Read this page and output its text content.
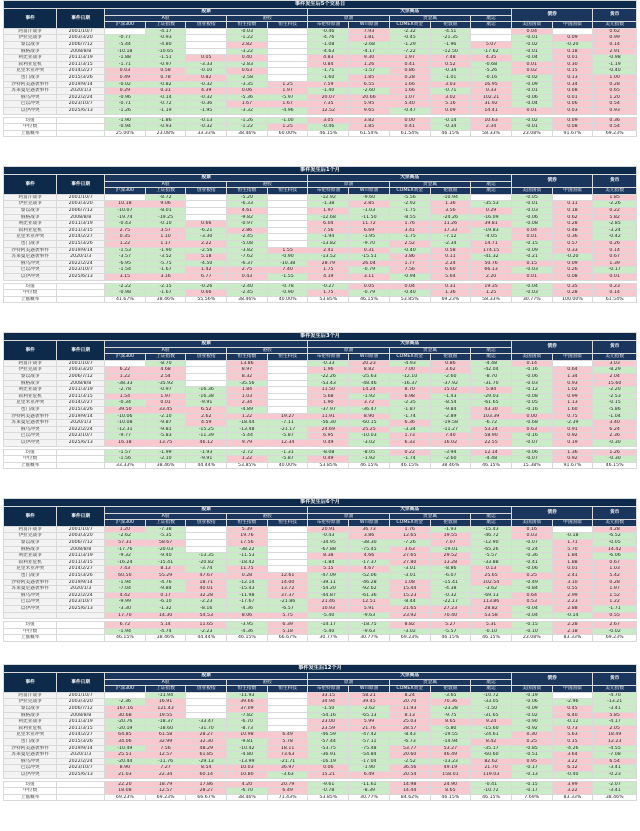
事件发生后5个交易日														
事件	事件日期	股票					大宗商品					债券		货币
		A股			港股		原油		贵金属		航运			
		沪深300	上证指数	创业板指	恒生指数	恒生科技	布伦特原油	WTI原油	COMEX黄金	伦敦银	航运	美国国债	中国国债	美元指数
阿富汗战争	2001/10/7		-4.17		-0.03		-0.46	7.93	-2.32	-4.51		0.04		0.62
伊拉克战争	2003/3/20	-0.77	-0.93		-1.22		-4.76	1.81	-0.45	-21.35		-0.01	0.09	0.99
黎以战争	2006/7/12	-5.44	-4.80		2.82		-1.08	-2.68	-1.29	-1.96	5.07	-0.02	-0.20	0.14
俄格战争	2008/8/8	-10.18	-10.65		-3.22		-4.63	-4.17	-7.22	-12.50	-17.62	-0.01	0.18	2.91
利比亚战争	2011/3/19	-1.88	-1.51	0.05	0.40		4.83	9.30	1.97	7.48	4.35	-0.04	0.01	-0.98
叙利亚危机	2011/3/15	-1.71	-0.97	-3.33	-2.83		0.84	1.26	0.41	0.52	-0.68	0.01	0.30	-1.19
克里米亚冲突	2014/2/27	0.03	0.58	-0.10	0.63		-1.71	-1.57	0.86	-0.34	-5.26	0.02	0.15	-0.40
也门战争	2015/3/26	0.49	0.78	0.82	-2.58		-1.60	1.85	0.28	-1.01	-0.16	-0.02	0.13	1.00
沙特阿美遇袭事件	2019/9/14	-0.02	-0.82	-0.32	-3.35	1.25	7.59	6.55	1.66	3.03	16.95	-0.09	0.34	0.28
苏莱曼尼遇袭事件	2020/1/3	0.29	0.31	4.39	0.06	1.97	-1.40	-2.60	1.66	-0.71	0.33	-0.01	0.08	0.65
俄乌冲突	2022/2/24	-0.96	-0.14	-0.32	-5.36	-5.97	20.07	20.66	1.07	3.02	102.21	-0.06	0.01	1.20
巴以冲突	2023/10/7	-0.71	-0.72	-0.36	1.67	1.67	7.35	5.95	5.40	5.16	31.92	-0.04	0.06	0.54
以伊冲突	2025/6/13	-1.26	-1.19	-1.95	-3.32	-4.96	12.52	9.65	-0.47	0.09	14.41	0.01	0.03	0.93

均值		-1.90	-1.86	-0.13	-1.26	-1.00	3.05	3.82	0.00	-0.14	10.63	-0.02	0.09	0.36
中位数		-0.94	-0.93	-0.32	-1.22	1.25	-0.46	1.85	0.41	-0.34	2.34	-0.01	0.08	0.54
上涨概率		25.00%	23.08%	33.33%	38.46%	60.00%	46.15%	61.54%	61.54%	46.15%	58.33%	23.08%	91.67%	69.23%
事件发生后1个月														
事件	事件日期	股票					大宗商品					债券		货币
		A股			港股		原油		贵金属		航运			
		沪深300	上证指数	创业板指	恒生指数	恒生科技	布伦特原油	WTI原油	COMEX黄金	伦敦银	航运	美国国债	中国国债	美元指数
阿富汗战争	2001/10/7		-8.72		-5.20		-12.92	-9.60	-5.56	-10.94		-0.05		1.85
伊拉克战争	2003/3/20	10.18	9.06		-6.33		-1.38	2.85	-2.92	1.36	-35.53	-0.01	0.11	-2.26
黎以战争	2006/7/12	-10.07	-8.01		4.61		1.97	-1.03	-1.75	3.56	0.29	-0.03	0.18	0.22
俄格战争	2008/8/8	-19.74	-19.25		-9.82		-12.68	-11.50	-8.55	-24.26	-16.09	-0.06	0.62	5.82
利比亚战争	2011/3/19	-0.43	-0.10	0.66	-0.97		6.04	11.72	1.76	11.26	39.81	-0.08	0.28	-2.85
叙利亚危机	2011/3/15	2.75	3.57	-6.21	2.86		7.56	6.69	3.41	17.33	-19.83	0.04	0.48	-3.24
克里米亚冲突	2014/2/27	0.35	1.10	-3.30	-2.45		-1.94	-1.95	-1.75	-7.12	-4.05	0.01	0.36	-0.42
也门战争	2015/3/26	1.22	1.17	2.22	-5.08		-13.82	-9.70	2.52	-2.34	14.71	-0.15	0.57	0.26
沙特阿美遇袭事件	2019/9/14	-1.53	-1.90	-2.56	-3.82	1.55	2.41	0.31	-0.40	0.58	174.15	-0.09	0.33	0.14
苏莱曼尼遇袭事件	2020/1/3	-3.57	-3.52	5.18	-7.62	-0.90	-13.52	-15.51	3.86	0.11	-41.32	-0.21	-0.20	0.67
俄乌冲突	2022/2/24	-6.95	-5.75	-4.50	-6.37	-10.38	28.79	26.04	1.77	2.24	50.76	0.15	0.09	1.39
巴以冲突	2023/10/7	-1.54	-1.67	1.42	2.75	7.40	1.75	-0.79	7.56	6.60	66.13	-0.03	0.26	-0.17
以伊冲突	2025/6/13	3.15	3.16	6.77	0.43	-1.55	4.19	3.11	-0.94	5.64	2.20	0.01	0.08	0.01

均值		-2.22	-2.15	-0.26	-2.40	-0.78	-0.27	0.05	0.04	0.31	19.35	-0.04	0.35	0.23
中位数		-0.98	-1.67	0.66	-2.45	-0.90	1.75	-0.79	-0.40	1.36	1.25	-0.03	0.28	0.14
上涨概率		41.67%	38.46%	55.56%	38.46%	40.00%	53.85%	46.15%	53.85%	69.23%	58.33%	30.77%	100.00%	61.54%
事件发生后3个月														
事件	事件日期	股票					大宗商品					债券		货币
		A股			港股		原油		贵金属		航运			
		沪深300	上证指数	创业板指	恒生指数	恒生科技	布伦特原油	WTI原油	COMEX黄金	伦敦银	航运	美国国债	中国国债	美元指数
阿富汗战争	2001/10/7		-8.70		13.86		-0.33	20.23	-4.93	0.86	-4.48	0.14		3.03
伊拉克战争	2003/3/20	6.22	4.68		8.97		1.96	8.82	7.00	3.62	-42.04	-0.16	0.64	-8.29
黎以战争	2006/7/12	1.22	2.54		8.32		-22.26	-25.63	-12.10	-2.60	-8.70	-0.06	1.34	2.04
俄格战争	2008/8/8	-38.33	-35.92		-35.56		-53.43	-48.46	-16.37	-37.92	-31.70	-0.03	0.93	15.60
利比亚战争	2011/3/19	-2.78	-0.97	-16.36	1.84		11.50	14.24	8.70	15.02	5.84	-0.12	1.02	-2.20
叙利亚危机	2011/3/15	1.54	1.97	-16.38	1.03		5.68	-1.92	6.98	-1.43	-29.03	-0.08	0.99	-2.53
克里米亚冲突	2014/2/27	-0.34	0.01	-9.91	2.34		1.90	3.72	-2.35	-8.54	-61.65	-0.05	1.13	-0.15
也门战争	2015/3/26	39.50	33.45	6.52	-4.89		-37.97	-36.47	-1.87	-9.84	43.30	-0.16	1.60	-5.86
沙特阿美遇袭事件	2019/9/14	-10.06	-2.10	2.62	1.22	19.27	11.91	8.90	-1.74	-2.89	103.39	0.00	0.75	-1.04
苏莱曼尼遇袭事件	2020/1/3	-10.08	-9.87	4.59	-18.44	-7.11	-56.30	-60.15	6.36	-19.58	-6.72	-0.68	-2.39	3.40
俄乌冲突	2022/2/24	-12.31	-9.81	-15.25	-13.48	-21.17	24.69	25.25	-3.34	-11.27	53.24	0.63	0.91	6.24
巴以冲突	2023/10/7	-9.77	-5.83	-11.39	-5.44	-5.87	6.95	-10.03	1.73	7.40	58.90	-0.16	0.92	2.36
以伊冲突	2025/6/13	16.18	13.75	46.12	9.79	12.34	0.49	-3.02	6.33	16.02	22.55	-0.07	0.19	-0.30

均值		-1.57	-1.99	-1.93	-2.72	-1.31	-8.08	-8.05	0.22	-3.94	12.14	-0.06	1.36	1.26
中位数		-1.56	-2.10	-9.91	1.22	-5.87	0.49	-1.92	-1.74	-2.60	-4.48	-0.07	0.92	-0.30
上涨概率		33.33%	38.46%	44.44%	53.85%	40.00%	53.85%	46.15%	46.15%	38.46%	46.15%	15.38%	91.67%	46.15%
事件发生后6个月														
事件	事件日期	股票					大宗商品					债券		货币
		A股			港股		原油		贵金属		航运			
		沪深300	上证指数	创业板指	恒生指数	恒生科技	布伦特原油	WTI原油	COMEX黄金	伦敦银	航运	美国国债	中国国债	美元指数
阿富汗战争	2001/10/7	1.20	-7.38		5.39		20.91	36.73	1.76	-1.93	-15.43	0.16		4.28
伊拉克战争	2003/3/20	-2.62	-5.35		19.76		-0.43	3.86	12.65	19.55	-46.72	0.03	-0.18	-6.52
黎以战争	2006/7/12	57.31	58.67		17.56		-34.95	-38.30	-7.26	7.07	-12.90	-0.07	1.71	-0.05
俄格战争	2008/8/8	-17.76	-20.03		-38.22		-67.88	-75.45	3.63	-19.01	-65.26	-0.24	5.70	14.42
利比亚战争	2011/3/19	-9.32	-9.40	-13.35	-11.53		8.38	4.66	27.65	29.52	-5.57	-0.36	1.84	-6.06
叙利亚危机	2011/3/15	-16.24	-15.41	-20.82	-18.42		-1.84	-17.37	27.80	13.28	-33.88	-0.41	1.88	0.67
克里米亚冲突	2014/2/27	7.43	8.13	-3.74	11.75		5.15	4.67	-3.01	-8.86	0.13	-0.06	0.01	1.03
也门战争	2015/3/26	60.50	55.29	47.67	0.28	12.61	-47.09	-52.06	-3.01	-6.07	25.65	0.25	2.41	5.42
沙特阿美遇袭事件	2019/9/14	-1.94	-4.76	18.71	-12.14	14.00	-39.11	-46.28	1.08	-15.41	102.54	-0.49	3.10	0.28
苏莱曼尼遇袭事件	2020/1/3	-7.04	-9.84	40.01	-15.43	13.72	-54.20	-92.62	15.44	-4.38	-3.62	-0.84	0.55	1.97
俄乌冲突	2022/2/24	4.42	0.17	32.28	-11.98	37.37	-44.87	-61.36	15.23	-0.32	-69.13	0.64	2.99	1.52
巴以冲突	2023/10/7	-9.99	-6.10	-2.23	-17.67	-21.86	21.46	12.51	-8.44	-22.17	113.86	0.53	2.23	1.22
以伊冲突	2025/6/13	-3.30	-1.32	-8.16	-4.36	-6.57	10.93	5.91	21.65	27.23	28.82	-0.04	2.88	-1.71
		17.70	14.30	54.53	8.06	5.75	-5.40	-9.63	23.92	70.40	53.58	-0.04	-0.14	0.55

均值		6.72	5.14	11.65	-3.95	6.39	-14.17	-18.75	8.82	5.27	5.31	-0.15	2.28	2.67
中位数		-1.94	-4.74	-2.23	-4.36	5.18	-5.40	-9.63	-3.02	-5.57	-0.10	-0.10	2.18	-0.02
上涨概率		46.15%	38.46%	44.44%	46.15%	66.67%	30.77%	30.77%	69.23%	46.15%	46.15%	23.08%	83.33%	69.23%
事件发生后12个月														
事件	事件日期	股票					大宗商品					债券		货币
		A股			港股		原油		贵金属		航运			
		沪深300	上证指数	创业板指	恒生指数	恒生科技	布伦特原油	WTI原油	COMEX黄金	伦敦银	航运	美国国债	中国国债	美元指数
阿富汗战争	2001/10/7		-11.94		-11.93		33.15	58.21	8.24	-3.65	-10.72	-0.19		-4.70
伊拉克战争	2003/3/20	-2.36	16.91		39.66		34.94	39.45	20.70	70.36	-33.05	-0.06	-2.96	-13.21
黎以战争	2006/7/12	167.16	121.43		37.09		-1.50	-2.62	11.93	-23.28	-1.50	-0.09	0.45	-3.41
俄格战争	2008/8/8	30.68	19.55		-7.82		-54.16	-65.13	8.13	-9.75	-31.65	-0.02	6.40	5.85
利比亚战争	2011/3/19	-20.76	-18.37	-33.47	-6.70		23.00	5.99	25.03	8.65	9.24	-0.90	-0.12	-4.17
叙利亚危机	2011/3/15	-20.19	-18.60	-31.70	-8.73		23.59	21.76	28.57	-5.80	-15.60	-0.92	0.73	2.05
克里米亚冲突	2014/2/27	64.85	61.58	28.27	10.98	6.49	-46.59	-47.42	-8.43	-19.55	-24.61	0.30	5.63	18.49
也门战争	2015/3/26	34.06	32.99	32.30	-9.81	5.78	-57.44	-57.11	-6.73	-14.94	8.42	0.25	0.15	12.23
沙特阿美遇袭事件	2019/9/14	-10.49	7.56	48.29	-10.42	18.11	-53.75	-75.48	53.77	53.27	-35.17	-0.85	-4.26	-4.55
苏莱曼尼遇袭事件	2020/1/3	25.51	12.57	61.85	-4.80	73.63	-36.91	-54.84	20.60	46.49	-60.60	-0.51	3.64	-7.08
俄乌冲突	2022/2/24	-20.44	-11.76	-29.13	-13.99	-21.71	-16.19	-17.04	-2.52	-13.23	82.62	0.95	3.22	6.54
巴以冲突	2023/10/7	8.90	7.27	8.54	10.03	36.97	0.06	-1.90	36.56	49.19	21.70	-0.17	6.12	-3.41
以伊冲突	2025/6/13	21.03	22.34	60.14	10.80	-3.63	15.21	6.49	20.54	158.01	119.03	-0.13	-0.40	-0.23

均值		22.20	18.79	17.86	4.20	20.79	-9.61	-11.61	14.98	24.90	-0.41	-0.15	3.99	-2.07
中位数		18.08	12.57	28.27	-6.70	6.49	-0.78	-8.39	14.44	8.65	-10.72	-0.17	3.22	-3.41
上涨概率		69.23%	69.23%	66.67%	38.46%	71.43%	53.85%	30.77%	84.62%	46.15%	46.15%	7.69%	83.33%	38.46%
